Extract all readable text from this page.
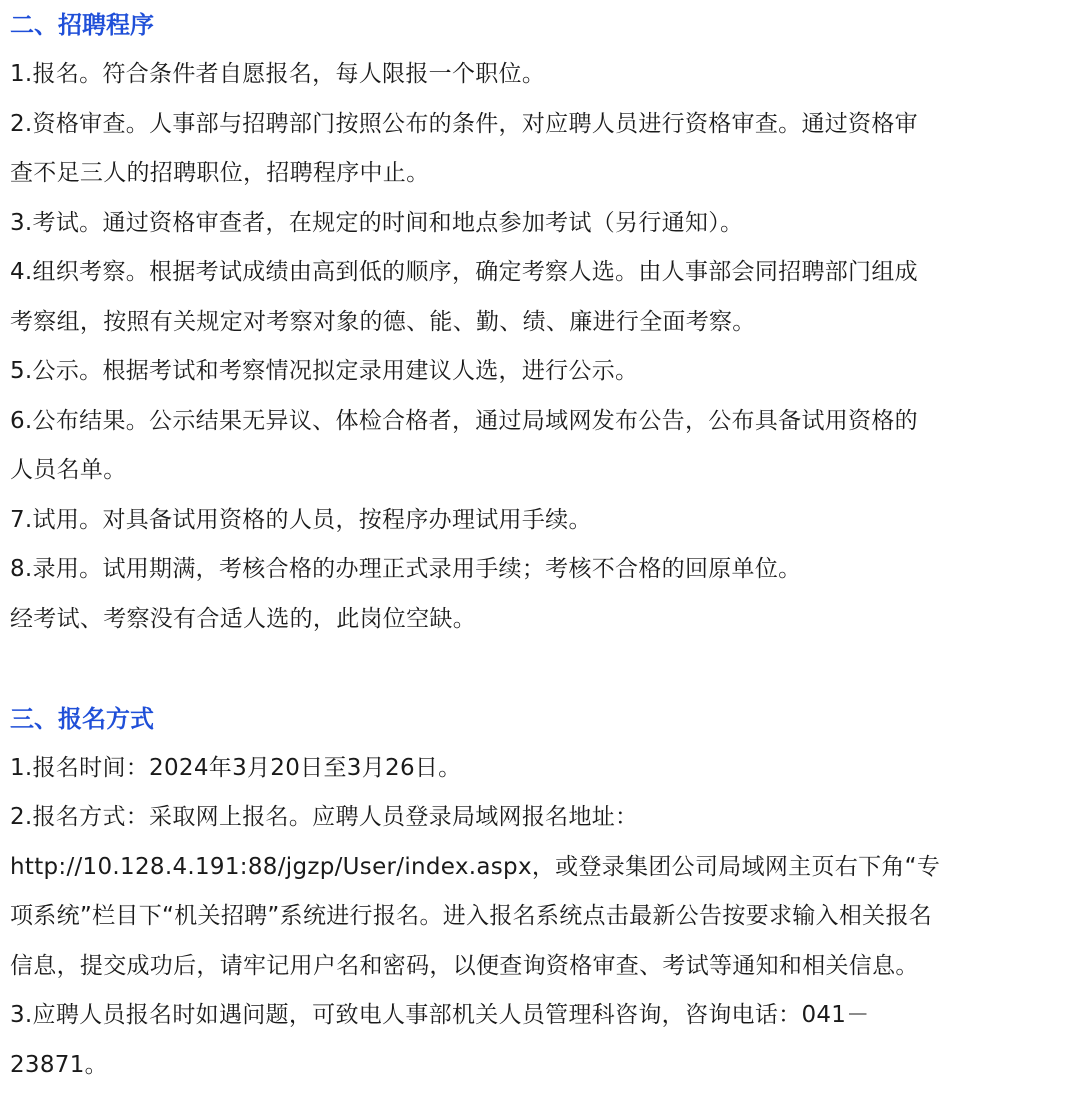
二、招聘程序

1.报名。符合条件者自愿报名，每人限报一个职位。

2.资格审查。人事部与招聘部门按照公布的条件，对应聘人员进行资格审查。通过资格审

查不足三人的招聘职位，招聘程序中止。

3.考试。通过资格审查者，在规定的时间和地点参加考试（另行通知）。

4.组织考察。根据考试成绩由高到低的顺序，确定考察人选。由人事部会同招聘部门组成

考察组，按照有关规定对考察对象的德、能、勤、绩、廉进行全面考察。

5.公示。根据考试和考察情况拟定录用建议人选，进行公示。

6.公布结果。公示结果无异议、体检合格者，通过局域网发布公告，公布具备试用资格的

人员名单。

7.试用。对具备试用资格的人员，按程序办理试用手续。

8.录用。试用期满，考核合格的办理正式录用手续；考核不合格的回原单位。

经考试、考察没有合适人选的，此岗位空缺。

三、报名方式

1.报名时间：2024年3月20日至3月26日。

2.报名方式：采取网上报名。应聘人员登录局域网报名地址：

http://10.128.4.191:88/jgzp/User/index.aspx，或登录集团公司局域网主页右下角“专

项系统”栏目下“机关招聘”系统进行报名。进入报名系统点击最新公告按要求输入相关报名

信息，提交成功后，请牢记用户名和密码，以便查询资格审查、考试等通知和相关信息。

3.应聘人员报名时如遇问题，可致电人事部机关人员管理科咨询，咨询电话：041－

23871。
